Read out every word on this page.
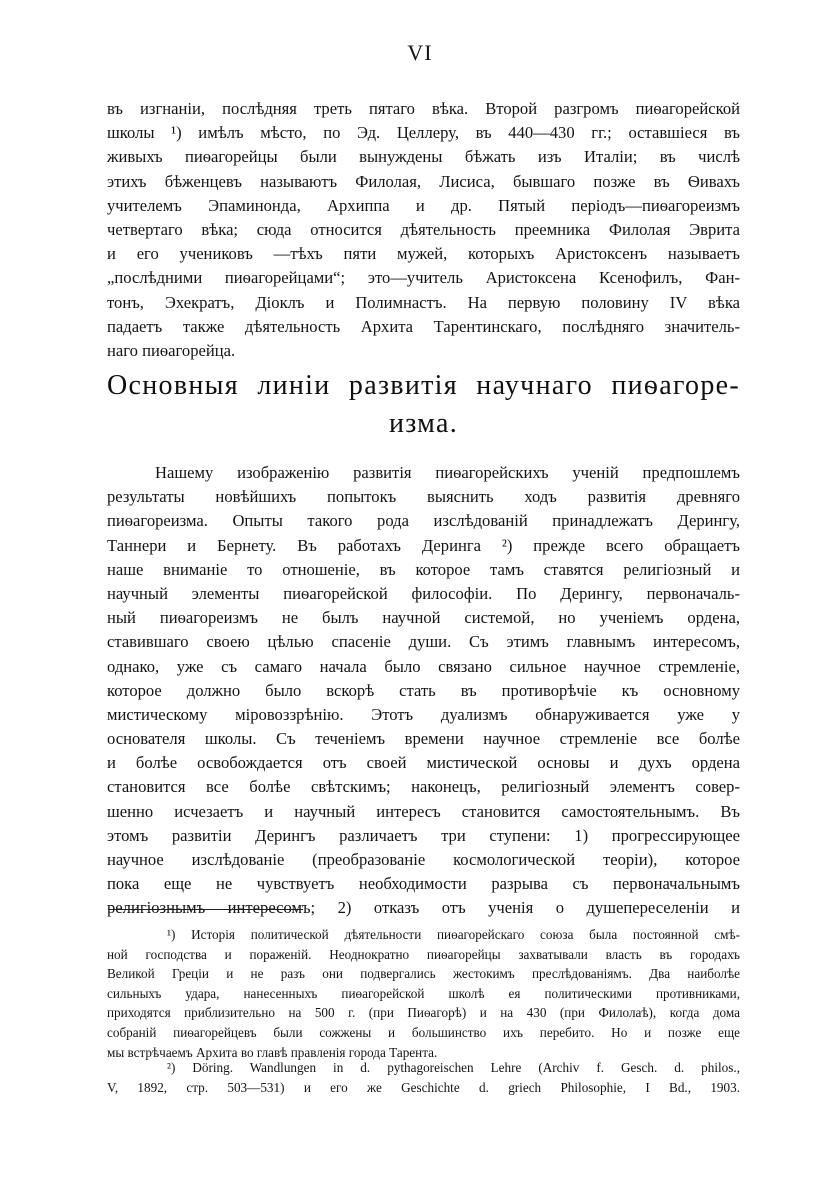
VI
въ изгнаніи, послѣдняя треть пятаго вѣка. Второй разгромъ пиѳагорейской
школы ¹) имѣлъ мѣсто, по Эд. Целлеру, въ 440—430 гг.; оставшіеся въ
живыхъ пиѳагорейцы были вынуждены бѣжать изъ Италіи; въ числѣ
этихъ бѣженцевъ называютъ Филолая, Лисиса, бывшаго позже въ Ѳивахъ
учителемъ Эпаминонда, Архиппа и др. Пятый періодъ—пиѳагореизмъ
четвертаго вѣка; сюда относится дѣятельность преемника Филолая Эврита
и его учениковъ —тѣхъ пяти мужей, которыхъ Аристоксенъ называетъ
„послѣдними пиѳагорейцами“; это—учитель Аристоксена Ксенофилъ, Фан-
тонъ, Эхекратъ, Діоклъ и Полимнастъ. На первую половину IV вѣка
падаетъ также дѣятельность Архита Тарентинскаго, послѣдняго значитель-
наго пиѳагорейца.
Основныя линіи развитія научнаго пиѳагоре-
изма.
Нашему изображенію развитія пиѳагорейскихъ ученій предпошлемъ
результаты новѣйшихъ попытокъ выяснить ходъ развитія древняго
пиѳагореизма. Опыты такого рода изслѣдованій принадлежатъ Дерингу,
Таннери и Бернету. Въ работахъ Деринга ²) прежде всего обращаетъ
наше вниманіе то отношеніе, въ которое тамъ ставятся религіозный и
научный элементы пиѳагорейской философіи. По Дерингу, первоначаль-
ный пиѳагореизмъ не былъ научной системой, но ученіемъ ордена,
ставившаго своею цѣлью спасеніе души. Съ этимъ главнымъ интересомъ,
однако, уже съ самаго начала было связано сильное научное стремленіе,
которое должно было вскорѣ стать въ противорѣчіе къ основному
мистическому міровоззрѣнію. Этотъ дуализмъ обнаруживается уже у
основателя школы. Съ теченіемъ времени научное стремленіе все болѣе
и болѣе освобождается отъ своей мистической основы и духъ ордена
становится все болѣе свѣтскимъ; наконецъ, религіозный элементъ совер-
шенно исчезаетъ и научный интересъ становится самостоятельнымъ. Въ
этомъ развитіи Дерингъ различаетъ три ступени: 1) прогрессирующее
научное изслѣдованіе (преобразованіе космологической теоріи), которое
пока еще не чувствуетъ необходимости разрыва съ первоначальнымъ
религіознымъ интересомъ; 2) отказъ отъ ученія о душепереселеніи и
¹) Исторія политической дѣятельности пиѳагорейскаго союза была постоянной смѣ-
ной господства и пораженій. Неоднократно пиѳагорейцы захватывали власть въ городахъ
Великой Греціи и не разъ они подвергались жестокимъ преслѣдованіямъ. Два наиболѣе
сильныхъ удара, нанесенныхъ пиѳагорейской школѣ ея политическими противниками,
приходятся приблизительно на 500 г. (при Пиѳагорѣ) и на 430 (при Филолаѣ), когда дома
собраній пиѳагорейцевъ были сожжены и большинство ихъ перебито. Но и позже еще
мы встрѣчаемъ Архита во главѣ правленія города Тарента.
²) Döring. Wandlungen in d. pythagoreischen Lehre (Archiv f. Gesch. d. philos.,
V, 1892, стр. 503—531) и его же Geschichte d. griech Philosophie, I Bd., 1903.
